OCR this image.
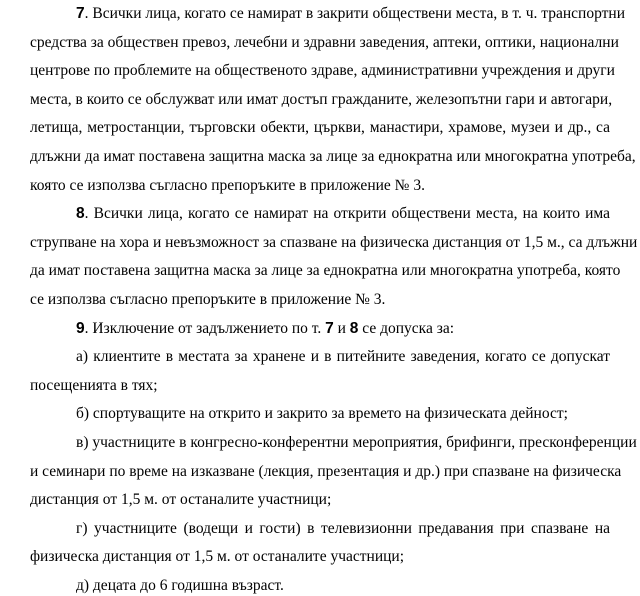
7. Всички лица, когато се намират в закрити обществени места, в т. ч. транспортни
средства за обществен превоз, лечебни и здравни заведения, аптеки, оптики, национални
центрове по проблемите на общественото здраве, административни учреждения и други
места, в които се обслужват или имат достъп гражданите, железопътни гари и автогари,
летища, метростанции, търговски обекти, църкви, манастири, храмове, музеи и др., са
длъжни да имат поставена защитна маска за лице за еднократна или многократна употреба,
която се използва съгласно препоръките в приложение № 3.
8. Всички лица, когато се намират на открити обществени места, на които има
струпване на хора и невъзможност за спазване на физическа дистанция от 1,5 м., са длъжни
да имат поставена защитна маска за лице за еднократна или многократна употреба, която
се използва съгласно препоръките в приложение № 3.
9. Изключение от задължението по т. 7 и 8 се допуска за:
а) клиентите в местата за хранене и в питейните заведения, когато се допускат
посещенията в тях;
б) спортуващите на открито и закрито за времето на физическата дейност;
в) участниците в конгресно-конферентни мероприятия, брифинги, пресконференции
и семинари по време на изказване (лекция, презентация и др.) при спазване на физическа
дистанция от 1,5 м. от останалите участници;
г) участниците (водещи и гости) в телевизионни предавания при спазване на
физическа дистанция от 1,5 м. от останалите участници;
д) децата до 6 годишна възраст.
